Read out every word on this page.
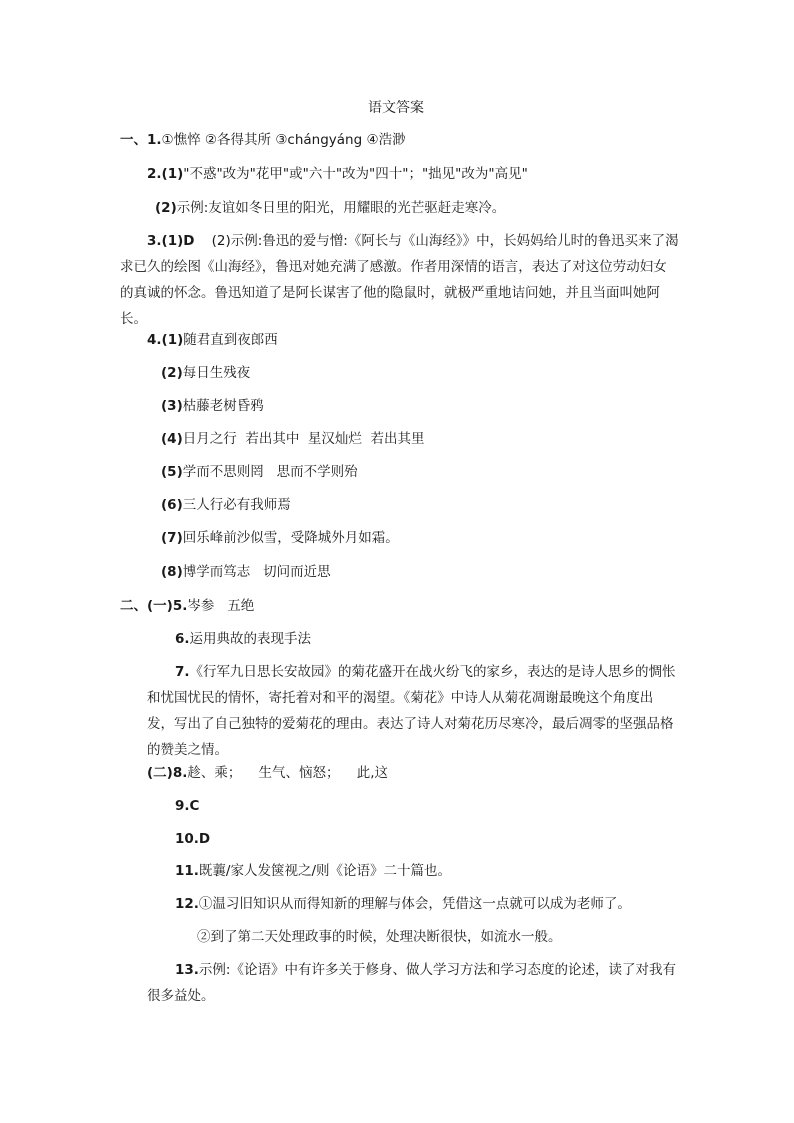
语文答案
一、1.①憔悴 ②各得其所 ③chángyáng ④浩渺
2.(1)"不惑"改为"花甲"或"六十"改为"四十"；"拙见"改为"高见"
(2)示例:友谊如冬日里的阳光，用耀眼的光芒驱赶走寒冷。
3.(1)D (2)示例:鲁迅的爱与憎:《阿长与《山海经》》中，长妈妈给儿时的鲁迅买来了渴求已久的绘图《山海经》，鲁迅对她充满了感激。作者用深情的语言，表达了对这位劳动妇女的真诚的怀念。鲁迅知道了是阿长谋害了他的隐鼠时，就极严重地诘问她，并且当面叫她阿长。
4.(1)随君直到夜郎西
(2)每日生残夜
(3)枯藤老树昏鸦
(4)日月之行  若出其中  星汉灿烂  若出其里
(5)学而不思则罔   思而不学则殆
(6)三人行必有我师焉
(7)回乐峰前沙似雪，受降城外月如霜。
(8)博学而笃志   切问而近思
二、(一)5.岑参   五绝
6.运用典故的表现手法
7.《行军九日思长安故园》的菊花盛开在战火纷飞的家乡，表达的是诗人思乡的惆怅和忧国忧民的情怀，寄托着对和平的渴望。《菊花》中诗人从菊花凋谢最晚这个角度出发，写出了自己独特的爱菊花的理由。表达了诗人对菊花历尽寒冷，最后凋零的坚强品格的赞美之情。
(二)8.趁、乘；    生气、恼怒；    此,这
9.C
10.D
11.既蘘/家人发箧视之/则《论语》二十篇也。
12.①温习旧知识从而得知新的理解与体会，凭借这一点就可以成为老师了。
②到了第二天处理政事的时候，处理决断很快，如流水一般。
13.示例:《论语》中有许多关于修身、做人学习方法和学习态度的论述，读了对我有很多益处。
